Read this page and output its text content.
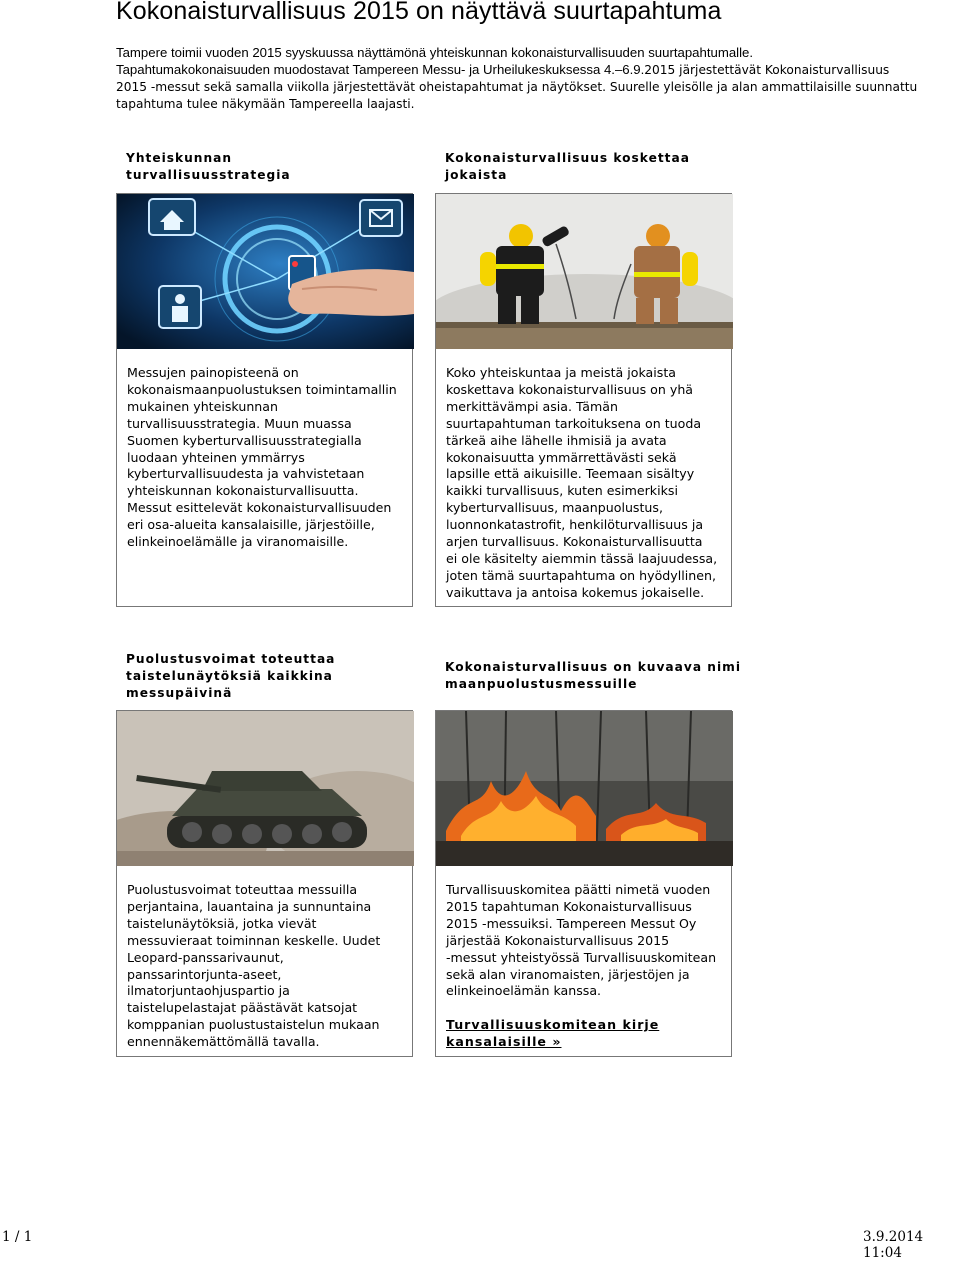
Kokonaisturvallisuus 2015 on näyttävä suurtapahtuma
Tampere toimii vuoden 2015 syyskuussa näyttämönä yhteiskunnan kokonaisturvallisuuden suurtapahtumalle.
Tapahtumakokonaisuuden muodostavat Tampereen Messu- ja Urheilukeskuksessa 4.–6.9.2015 järjestettävät Kokonaisturvallisuus
2015 -messut sekä samalla viikolla järjestettävät oheistapahtumat ja näytökset. Suurelle yleisölle ja alan ammattilaisille suunnattu
tapahtuma tulee näkymään Tampereella laajasti.
Yhteiskunnan
turvallisuusstrategia
Messujen painopisteenä on
kokonaismaanpuolustuksen toimintamallin
mukainen yhteiskunnan
turvallisuusstrategia. Muun muassa
Suomen kyberturvallisuusstrategialla
luodaan yhteinen ymmärrys
kyberturvallisuudesta ja vahvistetaan
yhteiskunnan kokonaisturvallisuutta.
Messut esittelevät kokonaisturvallisuuden
eri osa-alueita kansalaisille, järjestöille,
elinkeinoelämälle ja viranomaisille.
Kokonaisturvallisuus koskettaa
jokaista
Koko yhteiskuntaa ja meistä jokaista
koskettava kokonaisturvallisuus on yhä
merkittävämpi asia. Tämän
suurtapahtuman tarkoituksena on tuoda
tärkeä aihe lähelle ihmisiä ja avata
kokonaisuutta ymmärrettävästi sekä
lapsille että aikuisille. Teemaan sisältyy
kaikki turvallisuus, kuten esimerkiksi
kyberturvallisuus, maanpuolustus,
luonnonkatastrofit, henkilöturvallisuus ja
arjen turvallisuus. Kokonaisturvallisuutta
ei ole käsitelty aiemmin tässä laajuudessa,
joten tämä suurtapahtuma on hyödyllinen,
vaikuttava ja antoisa kokemus jokaiselle.
Puolustusvoimat toteuttaa
taistelunäytöksiä kaikkina
messupäivinä
Puolustusvoimat toteuttaa messuilla
perjantaina, lauantaina ja sunnuntaina
taistelunäytöksiä, jotka vievät
messuvieraat toiminnan keskelle. Uudet
Leopard-panssarivaunut,
panssarintorjunta-aseet,
ilmatorjuntaohjuspartio ja
taistelupelastajat päästävät katsojat
komppanian puolustustaistelun mukaan
ennennäkemättömällä tavalla.
Kokonaisturvallisuus on kuvaava nimi
maanpuolustusmessuille
Turvallisuuskomitea päätti nimetä vuoden
2015 tapahtuman Kokonaisturvallisuus
2015 -messuiksi. Tampereen Messut Oy
järjestää Kokonaisturvallisuus 2015
-messut yhteistyössä Turvallisuuskomitean
sekä alan viranomaisten, järjestöjen ja
elinkeinoelämän kanssa.
Turvallisuuskomitean kirje
kansalaisille »
1 / 1	3.9.2014 11:04
